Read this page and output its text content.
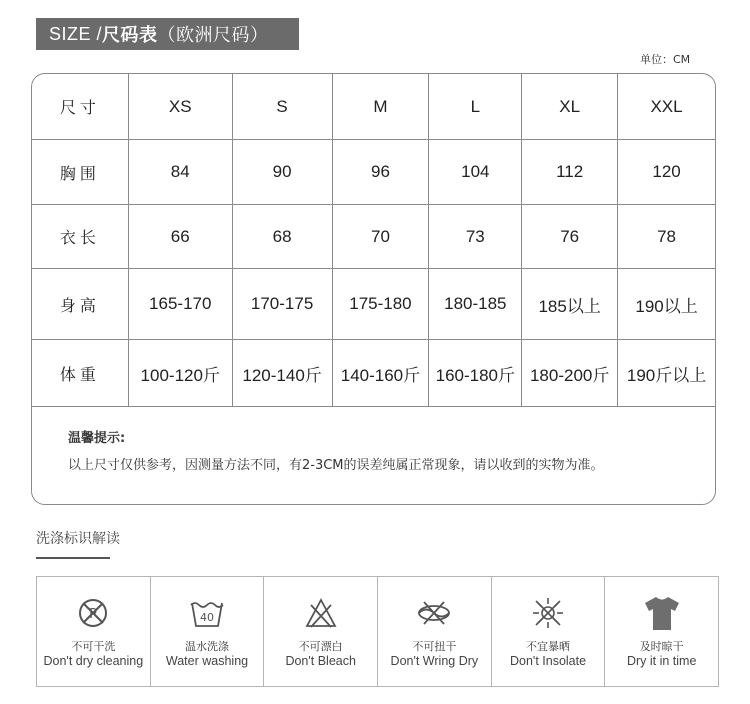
SIZE / 尺码表 （欧洲尺码）
单位：CM
尺寸	XS	S	M	L	XL	XXL
胸围	84	90	96	104	112	120
衣长	66	68	70	73	76	78
身高	165-170	170-175	175-180	180-185	185以上	190以上
体重	100-120斤	120-140斤	140-160斤	160-180斤	180-200斤	190斤以上
温馨提示:
以上尺寸仅供参考，因测量方法不同，有2-3CM的误差纯属正常现象，请以收到的实物为准。
洗涤标识解读
P
不可干洗
Don't dry cleaning
40
温水洗涤
Water washing
不可漂白
Don't Bleach
不可扭干
Don't Wring Dry
不宜暴晒
Don't Insolate
及时晾干
Dry it in time
